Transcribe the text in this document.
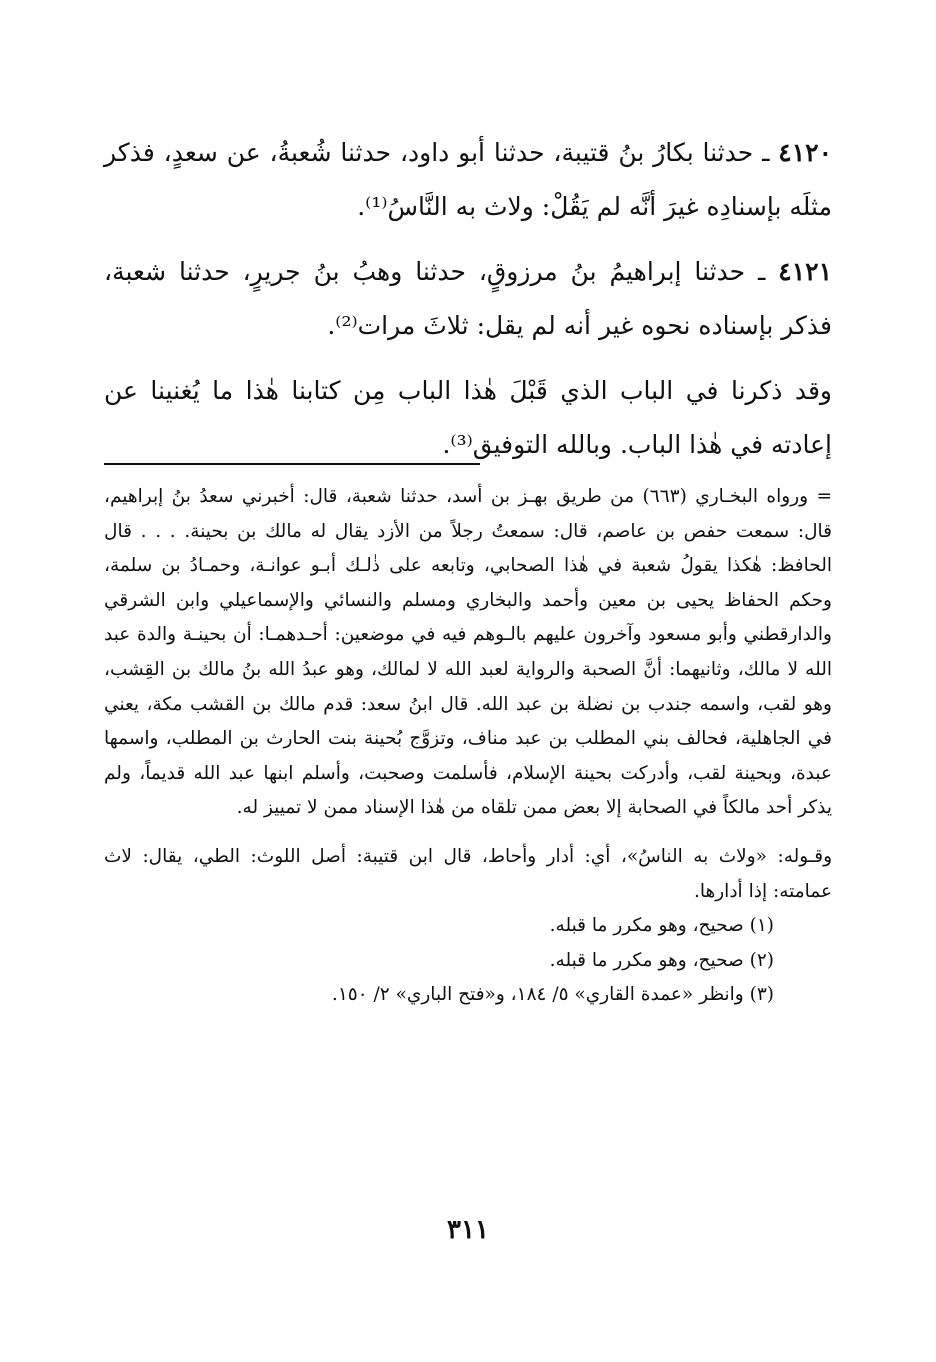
٤١٢٠ ـ حدثنا بكارُ بنُ قتيبة، حدثنا أبو داود، حدثنا شُعبةُ، عن سعدٍ، فذكر مثلَه بإسنادِه غيرَ أنَّه لم يَقُلْ: ولاث به النَّاسُ⁽¹⁾.

٤١٢١ ـ حدثنا إبراهيمُ بنُ مرزوقٍ، حدثنا وهبُ بنُ جريرٍ، حدثنا شعبة، فذكر بإسناده نحوه غير أنه لم يقل: ثلاثَ مرات⁽²⁾.

وقد ذكرنا في الباب الذي قَبْلَ هٰذا الباب مِن كتابنا هٰذا ما يُغنينا عن إعادته في هٰذا الباب. وبالله التوفيق⁽³⁾.

= ورواه البخـاري (٦٦٣) من طريق بهـز بن أسد، حدثنا شعبة، قال: أخبرني سعدُ بنُ إبراهيم، قال: سمعت حفص بن عاصم، قال: سمعتُ رجلاً من الأزد يقال له مالك بن بحينة. . . . قال الحافظ: هٰكذا يقولُ شعبة في هٰذا الصحابي، وتابعه على ذٰلـك أبـو عوانـة، وحمـادُ بن سلمة، وحكم الحفاظ يحيى بن معين وأحمد والبخاري ومسلم والنسائي والإسماعيلي وابن الشرقي والدارقطني وأبو مسعود وآخرون عليهم بالـوهم فيه في موضعين: أحـدهمـا: أن بحينـة والدة عبد الله لا مالك، وثانيهما: أنَّ الصحبة والرواية لعبد الله لا لمالك، وهو عبدُ الله بنُ مالك بن القِشب، وهو لقب، واسمه جندب بن نضلة بن عبد الله. قال ابنُ سعد: قدم مالك بن القشب مكة، يعني في الجاهلية، فحالف بني المطلب بن عبد مناف، وتزوَّج بُحينة بنت الحارث بن المطلب، واسمها عبدة، وبحينة لقب، وأدركت بحينة الإسلام، فأسلمت وصحبت، وأسلم ابنها عبد الله قديماً، ولم يذكر أحد مالكاً في الصحابة إلا بعض ممن تلقاه من هٰذا الإسناد ممن لا تمييز له.

وقـوله: «ولاث به الناسُ»، أي: أدار وأحاط، قال ابن قتيبة: أصل اللوث: الطي، يقال: لاث عمامته: إذا أدارها.

(١) صحيح، وهو مكرر ما قبله.

(٢) صحيح، وهو مكرر ما قبله.

(٣) وانظر «عمدة القاري» ٥/ ١٨٤، و«فتح الباري» ٢/ ١٥٠.

٣١١
